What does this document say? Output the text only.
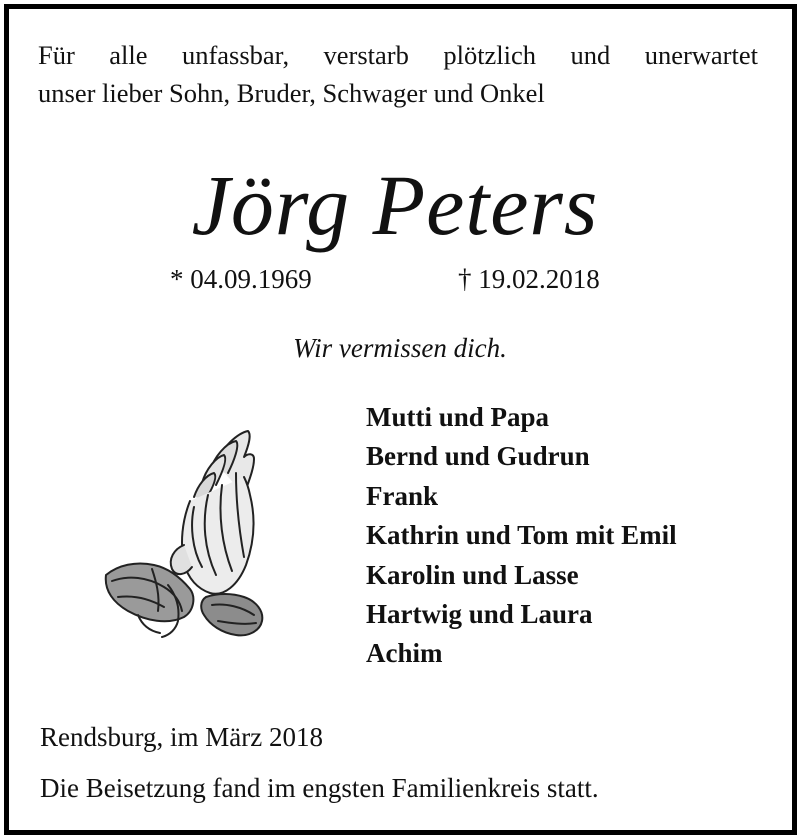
Für alle unfassbar, verstarb plötzlich und unerwartet
unser lieber Sohn, Bruder, Schwager und Onkel
Jörg Peters
* 04.09.1969	† 19.02.2018
Wir vermissen dich.
Mutti und Papa
Bernd und Gudrun
Frank
Kathrin und Tom mit Emil
Karolin und Lasse
Hartwig und Laura
Achim
Rendsburg, im März 2018
Die Beisetzung fand im engsten Familienkreis statt.
